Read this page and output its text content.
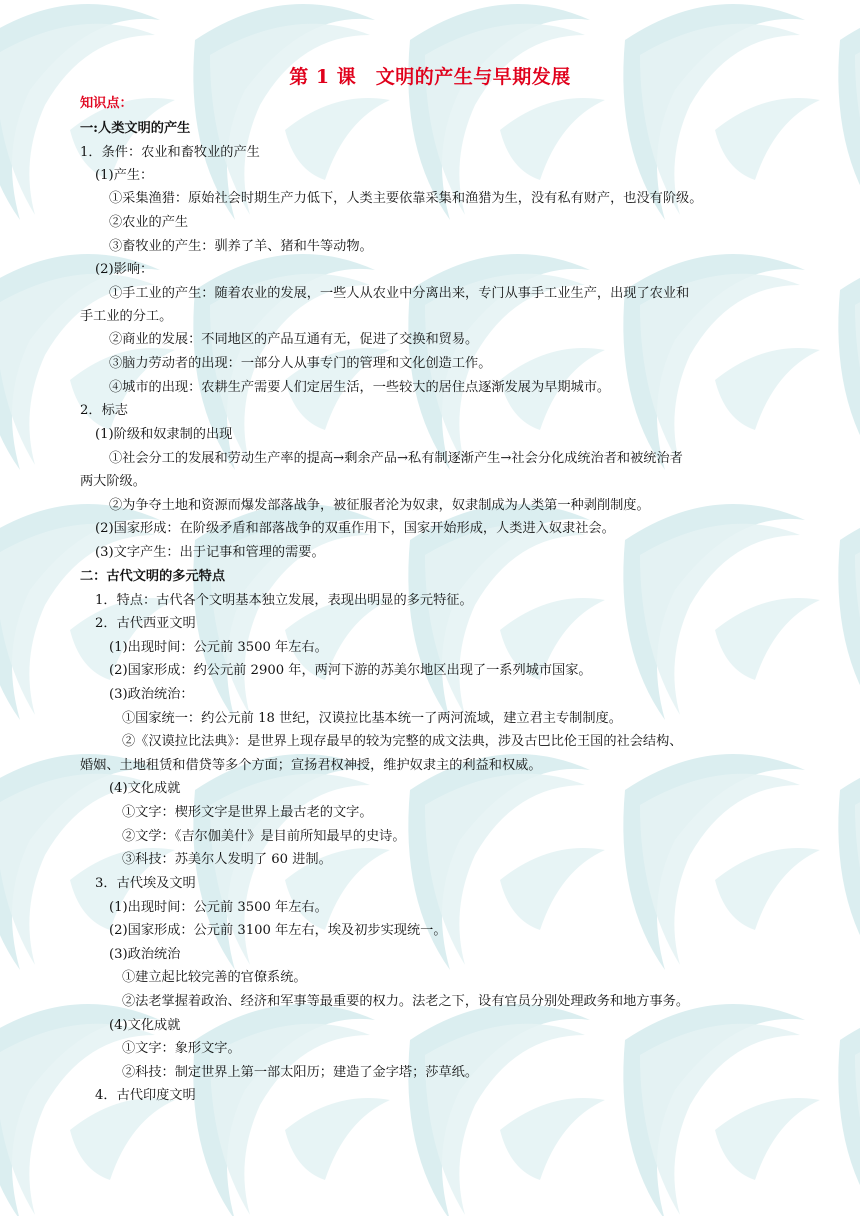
第 1 课　文明的产生与早期发展
知识点：
一:人类文明的产生
1．条件：农业和畜牧业的产生
(1)产生：
①采集渔猎：原始社会时期生产力低下，人类主要依靠采集和渔猎为生，没有私有财产，也没有阶级。
②农业的产生
③畜牧业的产生：驯养了羊、猪和牛等动物。
(2)影响：
①手工业的产生：随着农业的发展，一些人从农业中分离出来，专门从事手工业生产，出现了农业和
手工业的分工。
②商业的发展：不同地区的产品互通有无，促进了交换和贸易。
③脑力劳动者的出现：一部分人从事专门的管理和文化创造工作。
④城市的出现：农耕生产需要人们定居生活，一些较大的居住点逐渐发展为早期城市。
2．标志
(1)阶级和奴隶制的出现
①社会分工的发展和劳动生产率的提高→剩余产品→私有制逐渐产生→社会分化成统治者和被统治者
两大阶级。
②为争夺土地和资源而爆发部落战争，被征服者沦为奴隶，奴隶制成为人类第一种剥削制度。
(2)国家形成：在阶级矛盾和部落战争的双重作用下，国家开始形成，人类进入奴隶社会。
(3)文字产生：出于记事和管理的需要。
二：古代文明的多元特点
1．特点：古代各个文明基本独立发展，表现出明显的多元特征。
2．古代西亚文明
(1)出现时间：公元前 3500 年左右。
(2)国家形成：约公元前 2900 年，两河下游的苏美尔地区出现了一系列城市国家。
(3)政治统治：
①国家统一：约公元前 18 世纪，汉谟拉比基本统一了两河流域，建立君主专制制度。
②《汉谟拉比法典》：是世界上现存最早的较为完整的成文法典，涉及古巴比伦王国的社会结构、
婚姻、土地租赁和借贷等多个方面；宣扬君权神授，维护奴隶主的利益和权威。
(4)文化成就
①文字：楔形文字是世界上最古老的文字。
②文学：《吉尔伽美什》是目前所知最早的史诗。
③科技：苏美尔人发明了 60 进制。
3．古代埃及文明
(1)出现时间：公元前 3500 年左右。
(2)国家形成：公元前 3100 年左右，埃及初步实现统一。
(3)政治统治
①建立起比较完善的官僚系统。
②法老掌握着政治、经济和军事等最重要的权力。法老之下，设有官员分别处理政务和地方事务。
(4)文化成就
①文字：象形文字。
②科技：制定世界上第一部太阳历；建造了金字塔；莎草纸。
4．古代印度文明
